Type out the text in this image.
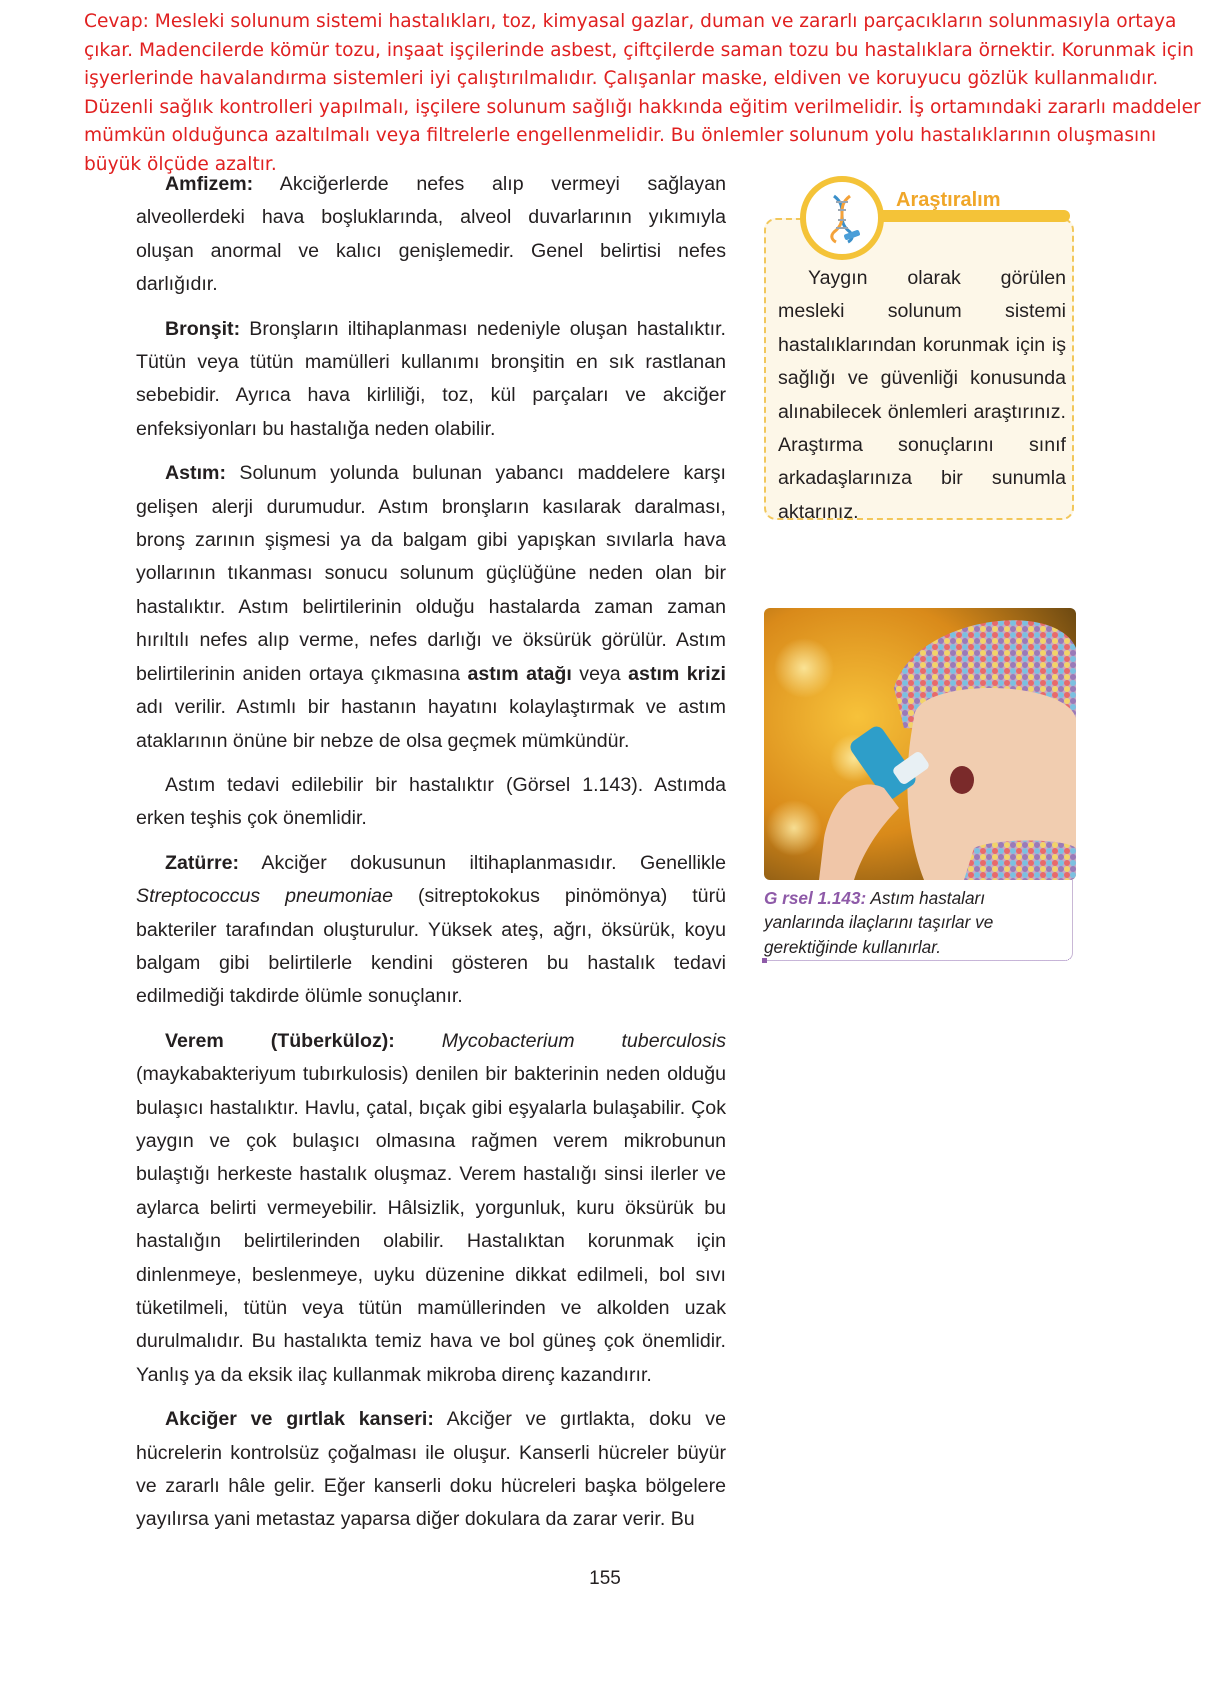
Cevap: Mesleki solunum sistemi hastalıkları, toz, kimyasal gazlar, duman ve zararlı parçacıkların solunmasıyla ortaya çıkar. Madencilerde kömür tozu, inşaat işçilerinde asbest, çiftçilerde saman tozu bu hastalıklara örnektir. Korunmak için işyerlerinde havalandırma sistemleri iyi çalıştırılmalıdır. Çalışanlar maske, eldiven ve koruyucu gözlük kullanmalıdır. Düzenli sağlık kontrolleri yapılmalı, işçilere solunum sağlığı hakkında eğitim verilmelidir. İş ortamındaki zararlı maddeler mümkün olduğunca azaltılmalı veya filtrelerle engellenmelidir. Bu önlemler solunum yolu hastalıklarının oluşmasını büyük ölçüde azaltır.

Amfizem: Akciğerlerde nefes alıp vermeyi sağlayan alveollerdeki hava boşluklarında, alveol duvarlarının yıkımıyla oluşan anormal ve kalıcı genişlemedir. Genel belirtisi nefes darlığıdır.

Bronşit: Bronşların iltihaplanması nedeniyle oluşan hastalıktır. Tütün veya tütün mamülleri kullanımı bronşitin en sık rastlanan sebebidir. Ayrıca hava kirliliği, toz, kül parçaları ve akciğer enfeksiyonları bu hastalığa neden olabilir.

Astım: Solunum yolunda bulunan yabancı maddelere karşı gelişen alerji durumudur. Astım bronşların kasılarak daralması, bronş zarının şişmesi ya da balgam gibi yapışkan sıvılarla hava yollarının tıkanması sonucu solunum güçlüğüne neden olan bir hastalıktır. Astım belirtilerinin olduğu hastalarda zaman zaman hırıltılı nefes alıp verme, nefes darlığı ve öksürük görülür. Astım belirtilerinin aniden ortaya çıkmasına astım atağı veya astım krizi adı verilir. Astımlı bir hastanın hayatını kolaylaştırmak ve astım ataklarının önüne bir nebze de olsa geçmek mümkündür.

Astım tedavi edilebilir bir hastalıktır (Görsel 1.143). Astımda erken teşhis çok önemlidir.

Zatürre: Akciğer dokusunun iltihaplanmasıdır. Genellikle Streptococcus pneumoniae (sitreptokokus pinömönya) türü bakteriler tarafından oluşturulur. Yüksek ateş, ağrı, öksürük, koyu balgam gibi belirtilerle kendini gösteren bu hastalık tedavi edilmediği takdirde ölümle sonuçlanır.

Verem (Tüberküloz): Mycobacterium tuberculosis (maykabakteriyum tubırkulosis) denilen bir bakterinin neden olduğu bulaşıcı hastalıktır. Havlu, çatal, bıçak gibi eşyalarla bulaşabilir. Çok yaygın ve çok bulaşıcı olmasına rağmen verem mikrobunun bulaştığı herkeste hastalık oluşmaz. Verem hastalığı sinsi ilerler ve aylarca belirti vermeyebilir. Hâlsizlik, yorgunluk, kuru öksürük bu hastalığın belirtilerinden olabilir. Hastalıktan korunmak için dinlenmeye, beslenmeye, uyku düzenine dikkat edilmeli, bol sıvı tüketilmeli, tütün veya tütün mamüllerinden ve alkolden uzak durulmalıdır. Bu hastalıkta temiz hava ve bol güneş çok önemlidir. Yanlış ya da eksik ilaç kullanmak mikroba direnç kazandırır.

Akciğer ve gırtlak kanseri: Akciğer ve gırtlakta, doku ve hücrelerin kontrolsüz çoğalması ile oluşur. Kanserli hücreler büyür ve zararlı hâle gelir. Eğer kanserli doku hücreleri başka bölgelere yayılırsa yani metastaz yaparsa diğer dokulara da zarar verir. Bu

Araştıralım
Yaygın olarak görülen mesleki solunum sistemi hastalıklarından korunmak için iş sağlığı ve güvenliği konusunda alınabilecek önlemleri araştırınız. Araştırma sonuçlarını sınıf arkadaşlarınıza bir sunumla aktarınız.
G rsel 1.143: Astım hastaları yanlarında ilaçlarını taşırlar ve gerektiğinde kullanırlar.
155
